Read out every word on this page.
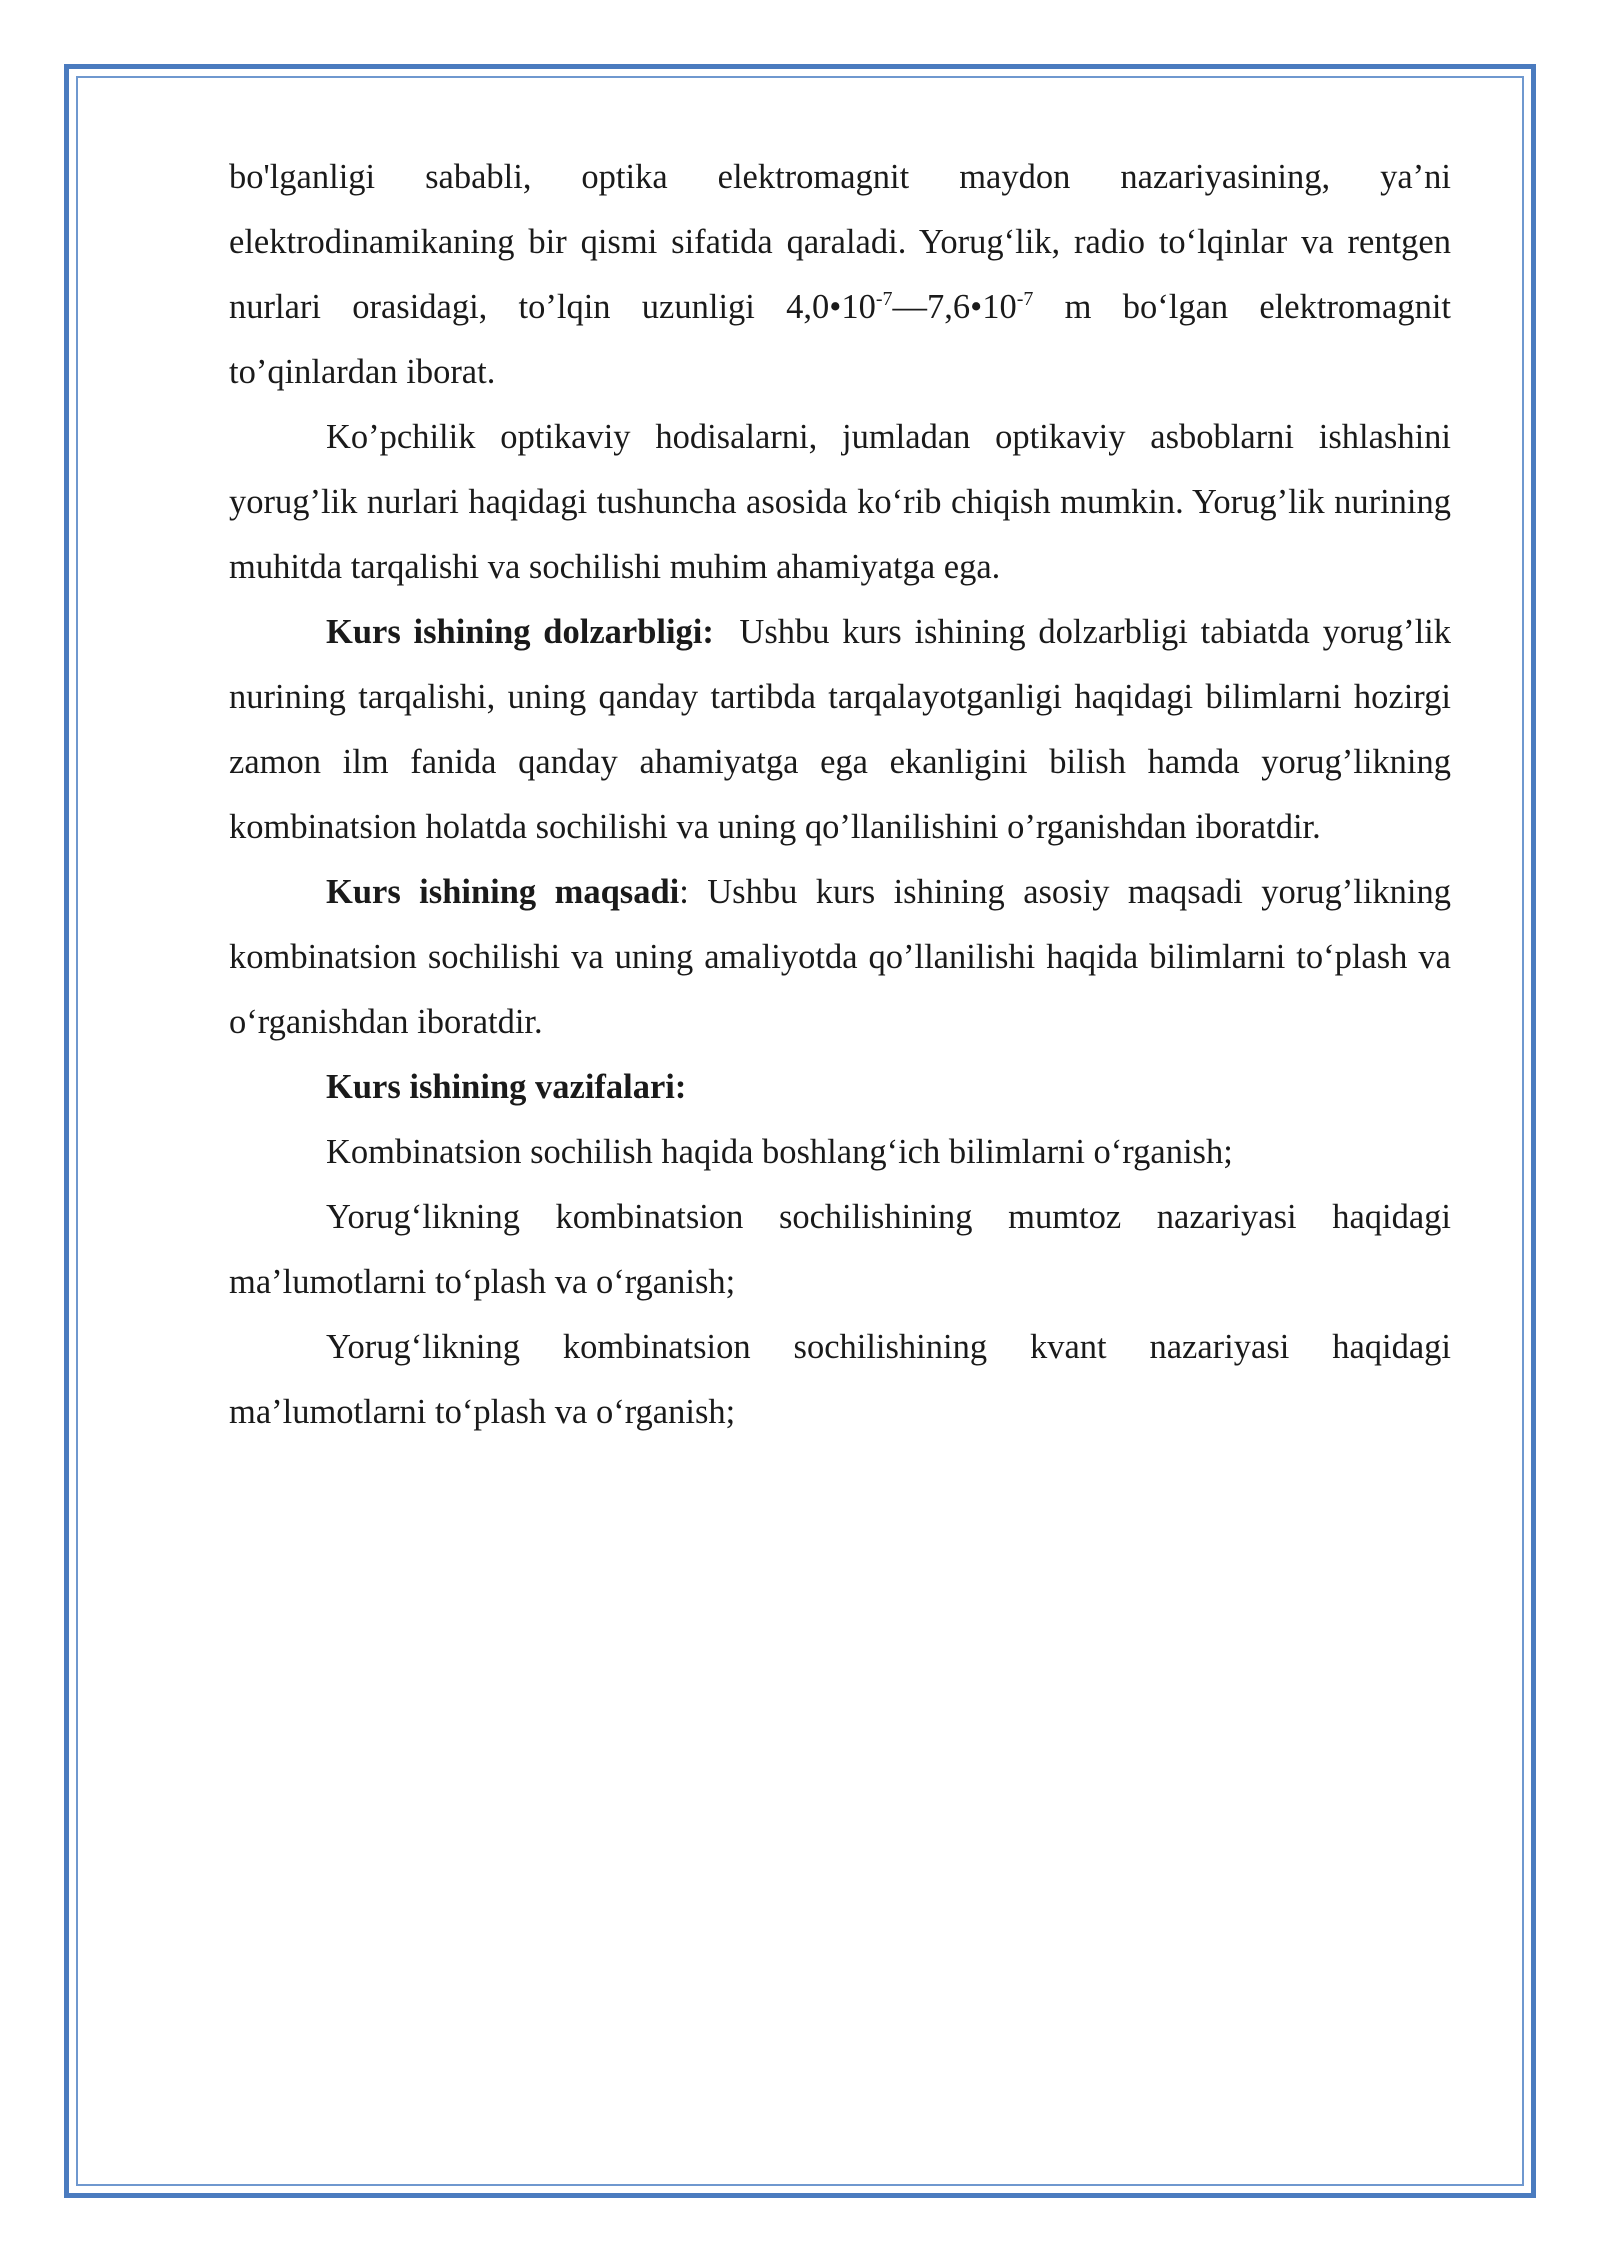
bo'lganligi sababli, optika elektromagnit maydon nazariyasining, ya’ni elektrodinamikaning bir qismi sifatida qaraladi. Yorug‘lik, radio to‘lqinlar va rentgen nurlari orasidagi, to’lqin uzunligi $4,0•10^{-7}—7,6•10^{-7}$ m bo‘lgan elektromagnit to’qinlardan iborat.

Ko’pchilik optikaviy hodisalarni, jumladan optikaviy asboblarni ishlashini yorug’lik nurlari haqidagi tushuncha asosida ko‘rib chiqish mumkin. Yorug’lik nurining muhitda tarqalishi va sochilishi muhim ahamiyatga ega.

Kurs ishining dolzarbligi: Ushbu kurs ishining dolzarbligi tabiatda yorug’lik nurining tarqalishi, uning qanday tartibda tarqalayotganligi haqidagi bilimlarni hozirgi zamon ilm fanida qanday ahamiyatga ega ekanligini bilish hamda yorug’likning kombinatsion holatda sochilishi va uning qo’llanilishini o’rganishdan iboratdir.

Kurs ishining maqsadi: Ushbu kurs ishining asosiy maqsadi yorug’likning kombinatsion sochilishi va uning amaliyotda qo’llanilishi haqida bilimlarni to‘plash va o‘rganishdan iboratdir.

Kurs ishining vazifalari:

Kombinatsion sochilish haqida boshlang‘ich bilimlarni o‘rganish;

Yorug‘likning kombinatsion sochilishining mumtoz nazariyasi haqidagi ma’lumotlarni to‘plash va o‘rganish;

Yorug‘likning kombinatsion sochilishining kvant nazariyasi haqidagi ma’lumotlarni to‘plash va o‘rganish;
